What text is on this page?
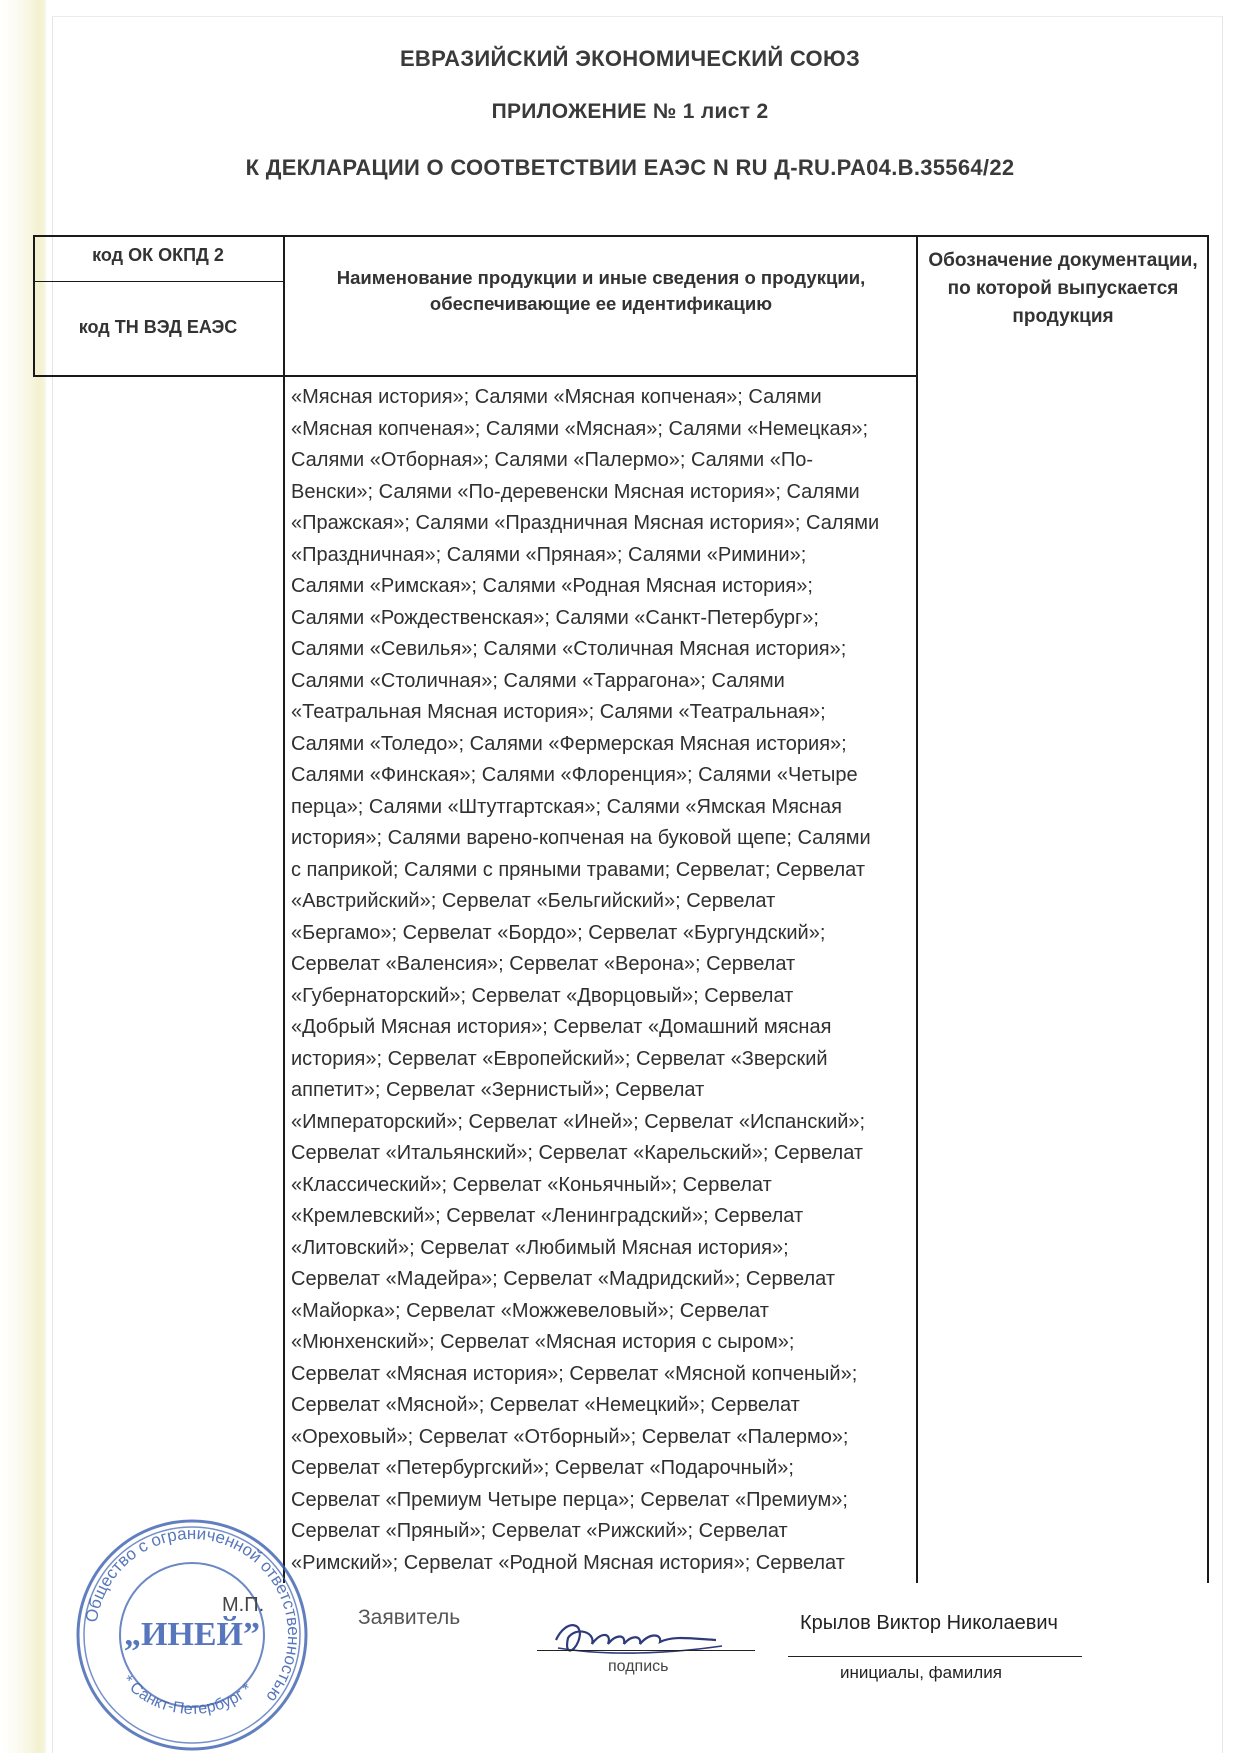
ЕВРАЗИЙСКИЙ ЭКОНОМИЧЕСКИЙ СОЮЗ
ПРИЛОЖЕНИЕ № 1 лист 2
К ДЕКЛАРАЦИИ О СООТВЕТСТВИИ ЕАЭС N RU Д-RU.PA04.B.35564/22
код ОК ОКПД 2
код ТН ВЭД ЕАЭС
Наименование продукции и иные сведения о продукции, обеспечивающие ее идентификацию
Обозначение документации, по которой выпускается продукция
«Мясная история»; Салями «Мясная копченая»; Салями
«Мясная копченая»; Салями «Мясная»; Салями «Немецкая»;
Салями «Отборная»; Салями «Палермо»; Салями «По-
Венски»; Салями «По-деревенски Мясная история»; Салями
«Пражская»; Салями «Праздничная Мясная история»; Салями
«Праздничная»; Салями «Пряная»; Салями «Римини»;
Салями «Римская»; Салями «Родная Мясная история»;
Салями «Рождественская»; Салями «Санкт-Петербург»;
Салями «Севилья»; Салями «Столичная Мясная история»;
Салями «Столичная»; Салями «Таррагона»; Салями
«Театральная Мясная история»; Салями «Театральная»;
Салями «Толедо»; Салями «Фермерская Мясная история»;
Салями «Финская»; Салями «Флоренция»; Салями «Четыре
перца»; Салями «Штутгартская»; Салями «Ямская Мясная
история»; Салями варено-копченая на буковой щепе; Салями
с паприкой; Салями с пряными травами; Сервелат; Сервелат
«Австрийский»; Сервелат «Бельгийский»; Сервелат
«Бергамо»; Сервелат «Бордо»; Сервелат «Бургундский»;
Сервелат «Валенсия»; Сервелат «Верона»; Сервелат
«Губернаторский»; Сервелат «Дворцовый»; Сервелат
«Добрый Мясная история»; Сервелат «Домашний мясная
история»; Сервелат «Европейский»; Сервелат «Зверский
аппетит»; Сервелат «Зернистый»; Сервелат
«Императорский»; Сервелат «Иней»; Сервелат «Испанский»;
Сервелат «Итальянский»; Сервелат «Карельский»; Сервелат
«Классический»; Сервелат «Коньячный»; Сервелат
«Кремлевский»; Сервелат «Ленинградский»; Сервелат
«Литовский»; Сервелат «Любимый Мясная история»;
Сервелат «Мадейра»; Сервелат «Мадридский»; Сервелат
«Майорка»; Сервелат «Можжевеловый»; Сервелат
«Мюнхенский»; Сервелат «Мясная история с сыром»;
Сервелат «Мясная история»; Сервелат «Мясной копченый»;
Сервелат «Мясной»; Сервелат «Немецкий»; Сервелат
«Ореховый»; Сервелат «Отборный»; Сервелат «Палермо»;
Сервелат «Петербургский»; Сервелат «Подарочный»;
Сервелат «Премиум Четыре перца»; Сервелат «Премиум»;
Сервелат «Пряный»; Сервелат «Рижский»; Сервелат
«Римский»; Сервелат «Родной Мясная история»; Сервелат
Общество с ограниченной ответственностью
* Санкт-Петербург *
„ИНЕЙ”
М.П.
Заявитель
подпись
Крылов Виктор Николаевич
инициалы, фамилия
